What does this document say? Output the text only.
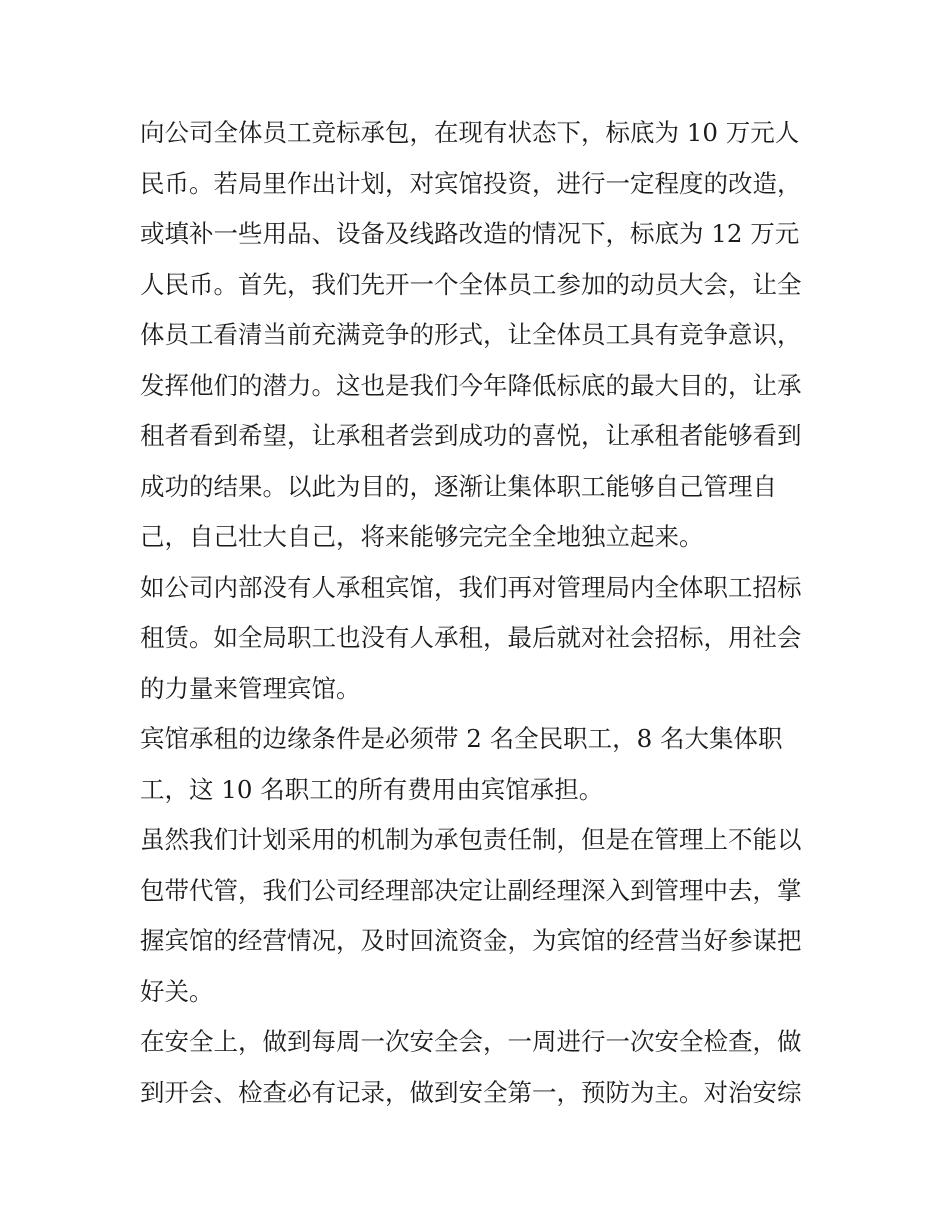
向公司全体员工竞标承包，在现有状态下，标底为 10 万元人
民币。若局里作出计划，对宾馆投资，进行一定程度的改造，
或填补一些用品、设备及线路改造的情况下，标底为 12 万元
人民币。首先，我们先开一个全体员工参加的动员大会，让全
体员工看清当前充满竞争的形式，让全体员工具有竞争意识，
发挥他们的潜力。这也是我们今年降低标底的最大目的，让承
租者看到希望，让承租者尝到成功的喜悦，让承租者能够看到
成功的结果。以此为目的，逐渐让集体职工能够自己管理自
己，自己壮大自己，将来能够完完全全地独立起来。
如公司内部没有人承租宾馆，我们再对管理局内全体职工招标
租赁。如全局职工也没有人承租，最后就对社会招标，用社会
的力量来管理宾馆。
宾馆承租的边缘条件是必须带 2 名全民职工，8 名大集体职
工，这 10 名职工的所有费用由宾馆承担。
虽然我们计划采用的机制为承包责任制，但是在管理上不能以
包带代管，我们公司经理部决定让副经理深入到管理中去，掌
握宾馆的经营情况，及时回流资金，为宾馆的经营当好参谋把
好关。
在安全上，做到每周一次安全会，一周进行一次安全检查，做
到开会、检查必有记录，做到安全第一，预防为主。对治安综
